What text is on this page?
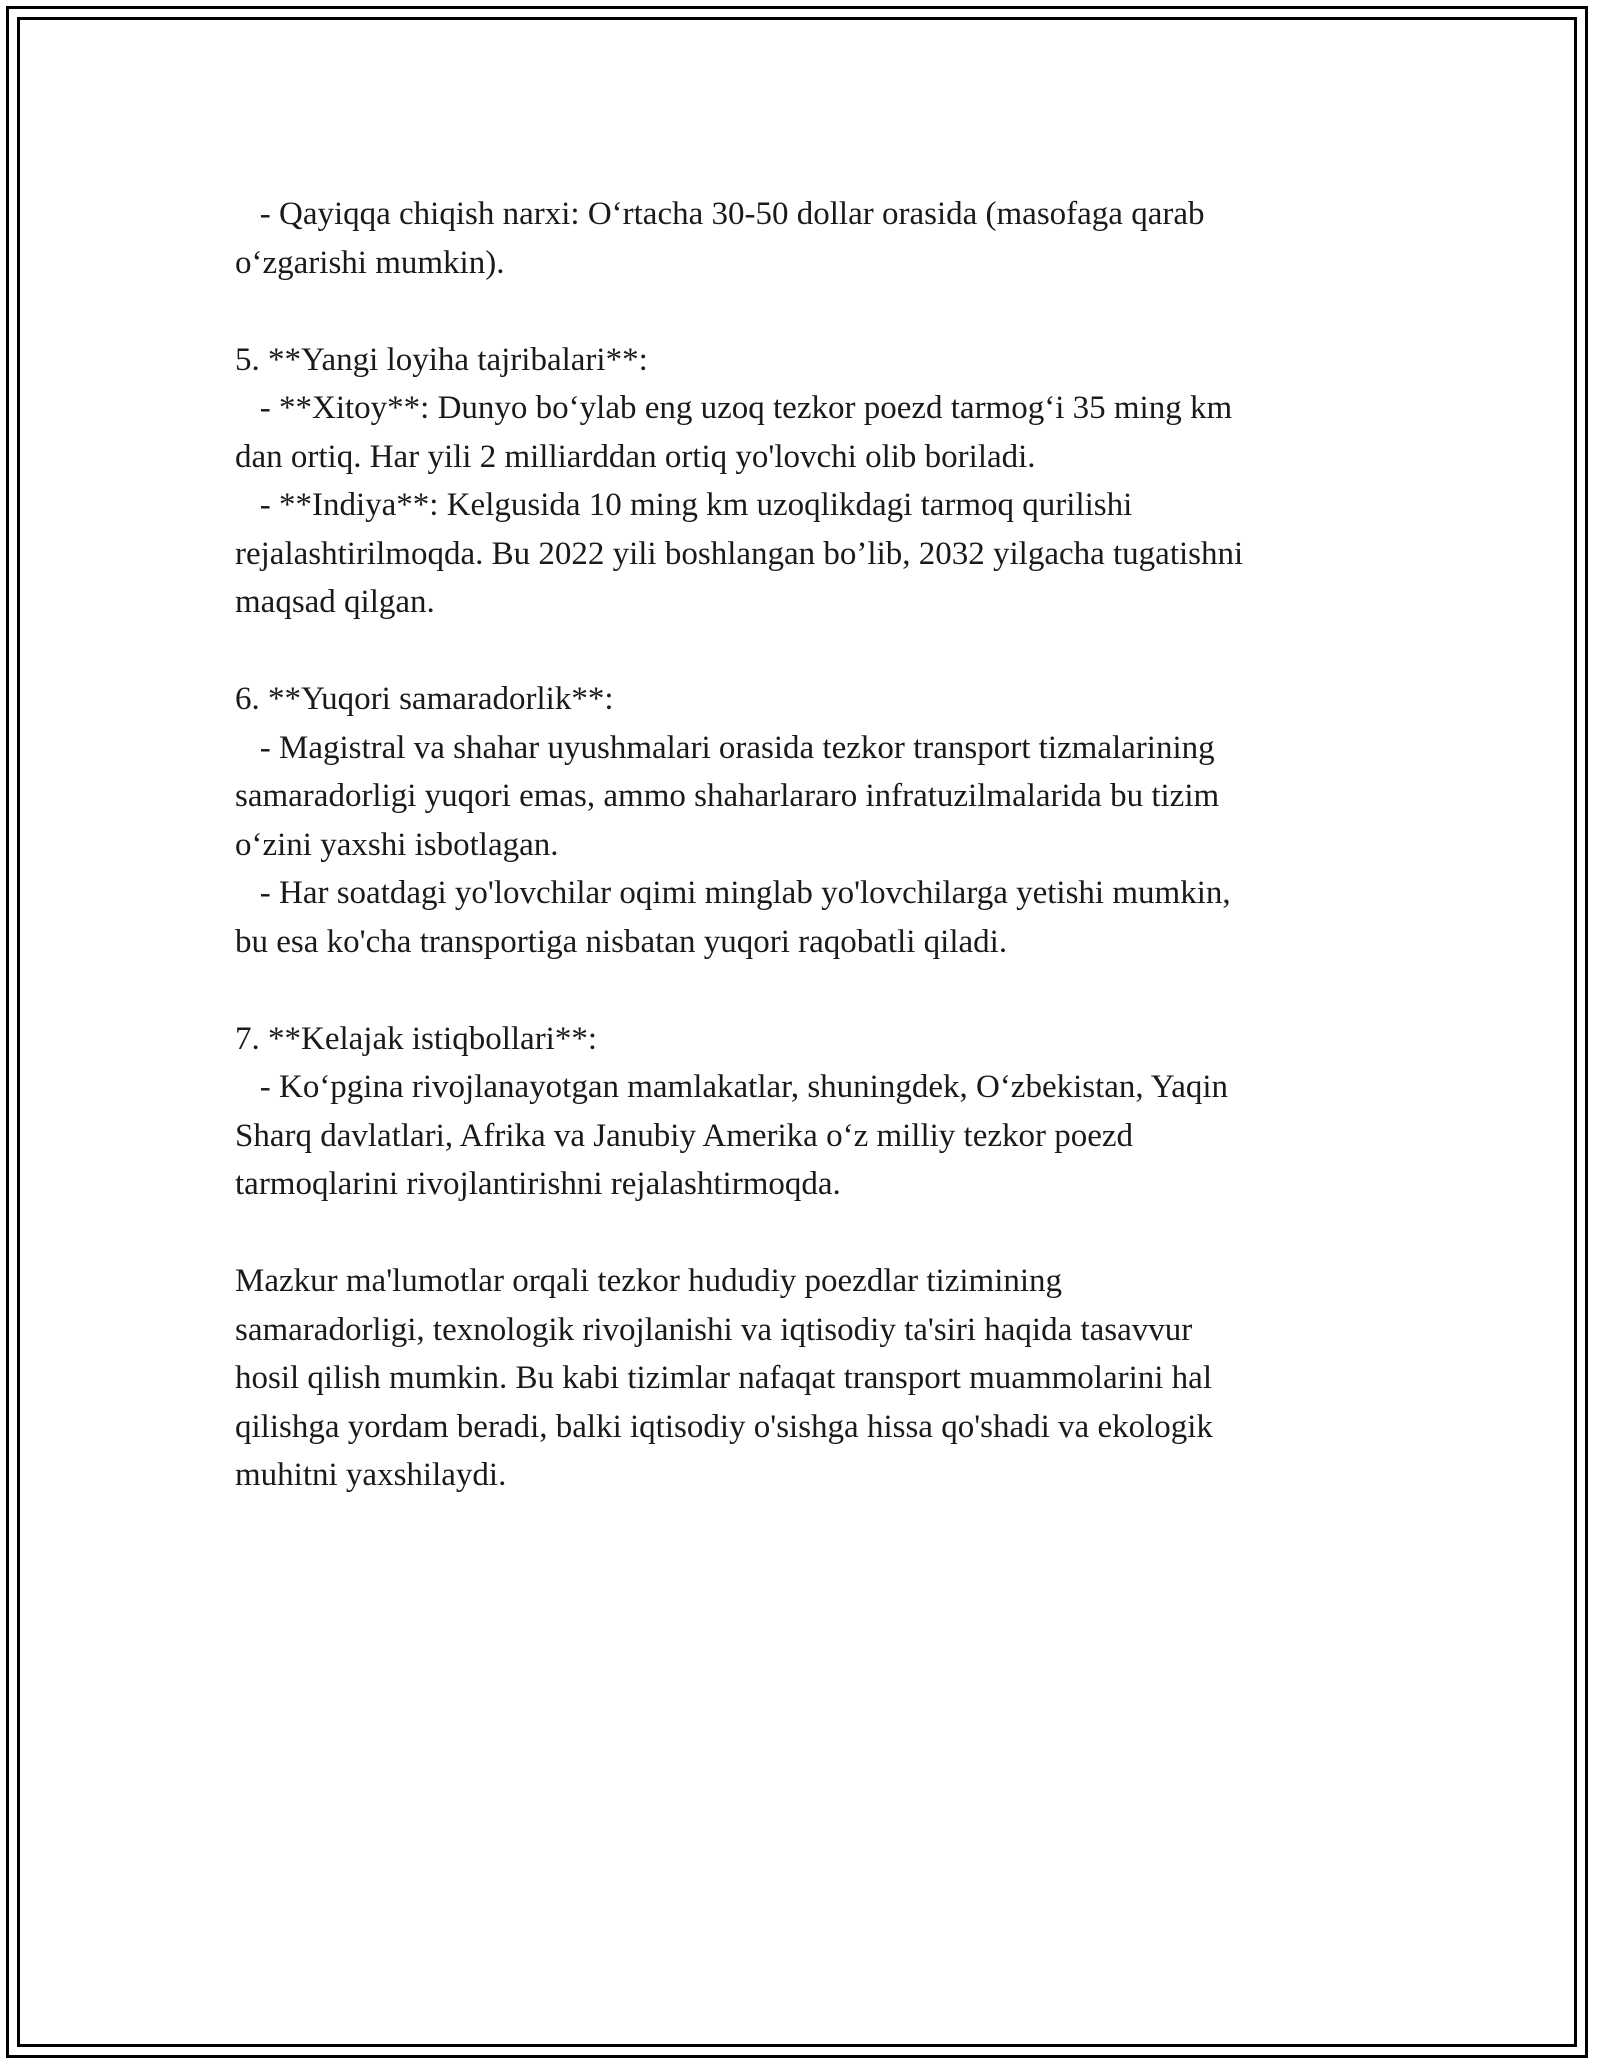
- Qayiqqa chiqish narxi: O‘rtacha 30-50 dollar orasida (masofaga qarab
o‘zgarishi mumkin).
5. **Yangi loyiha tajribalari**:
- **Xitoy**: Dunyo bo‘ylab eng uzoq tezkor poezd tarmog‘i 35 ming km
dan ortiq. Har yili 2 milliarddan ortiq yo'lovchi olib boriladi.
- **Indiya**: Kelgusida 10 ming km uzoqlikdagi tarmoq qurilishi
rejalashtirilmoqda. Bu 2022 yili boshlangan bo’lib, 2032 yilgacha tugatishni
maqsad qilgan.
6. **Yuqori samaradorlik**:
- Magistral va shahar uyushmalari orasida tezkor transport tizmalarining
samaradorligi yuqori emas, ammo shaharlararo infratuzilmalarida bu tizim
o‘zini yaxshi isbotlagan.
- Har soatdagi yo'lovchilar oqimi minglab yo'lovchilarga yetishi mumkin,
bu esa ko'cha transportiga nisbatan yuqori raqobatli qiladi.
7. **Kelajak istiqbollari**:
- Ko‘pgina rivojlanayotgan mamlakatlar, shuningdek, O‘zbekistan, Yaqin
Sharq davlatlari, Afrika va Janubiy Amerika o‘z milliy tezkor poezd
tarmoqlarini rivojlantirishni rejalashtirmoqda.
Mazkur ma'lumotlar orqali tezkor hududiy poezdlar tizimining
samaradorligi, texnologik rivojlanishi va iqtisodiy ta'siri haqida tasavvur
hosil qilish mumkin. Bu kabi tizimlar nafaqat transport muammolarini hal
qilishga yordam beradi, balki iqtisodiy o'sishga hissa qo'shadi va ekologik
muhitni yaxshilaydi.
